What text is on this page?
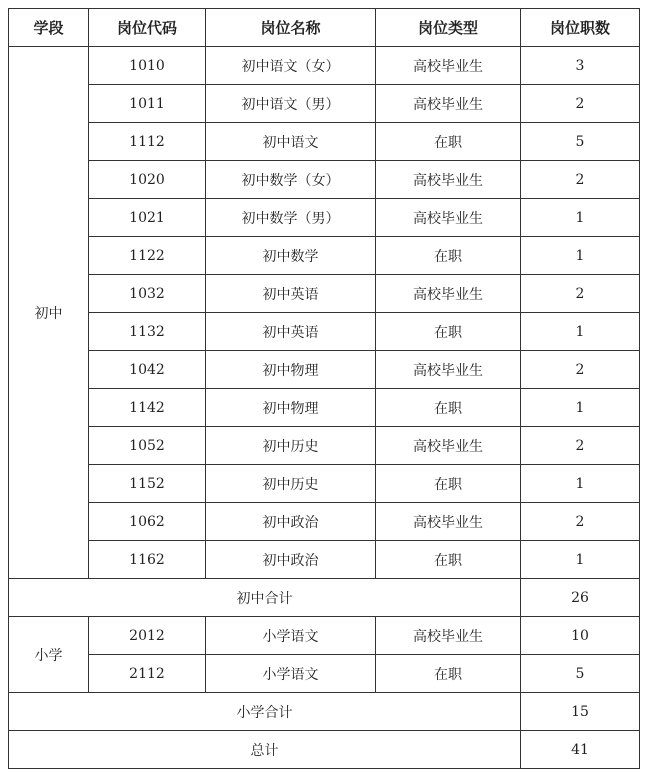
学段	岗位代码	岗位名称	岗位类型	岗位职数
初中	1010	初中语文（女）	高校毕业生	3
	1011	初中语文（男）	高校毕业生	2
	1112	初中语文	在职	5
	1020	初中数学（女）	高校毕业生	2
	1021	初中数学（男）	高校毕业生	1
	1122	初中数学	在职	1
	1032	初中英语	高校毕业生	2
	1132	初中英语	在职	1
	1042	初中物理	高校毕业生	2
	1142	初中物理	在职	1
	1052	初中历史	高校毕业生	2
	1152	初中历史	在职	1
	1062	初中政治	高校毕业生	2
	1162	初中政治	在职	1
初中合计				26
小学	2012	小学语文	高校毕业生	10
	2112	小学语文	在职	5
小学合计				15
总计				41
